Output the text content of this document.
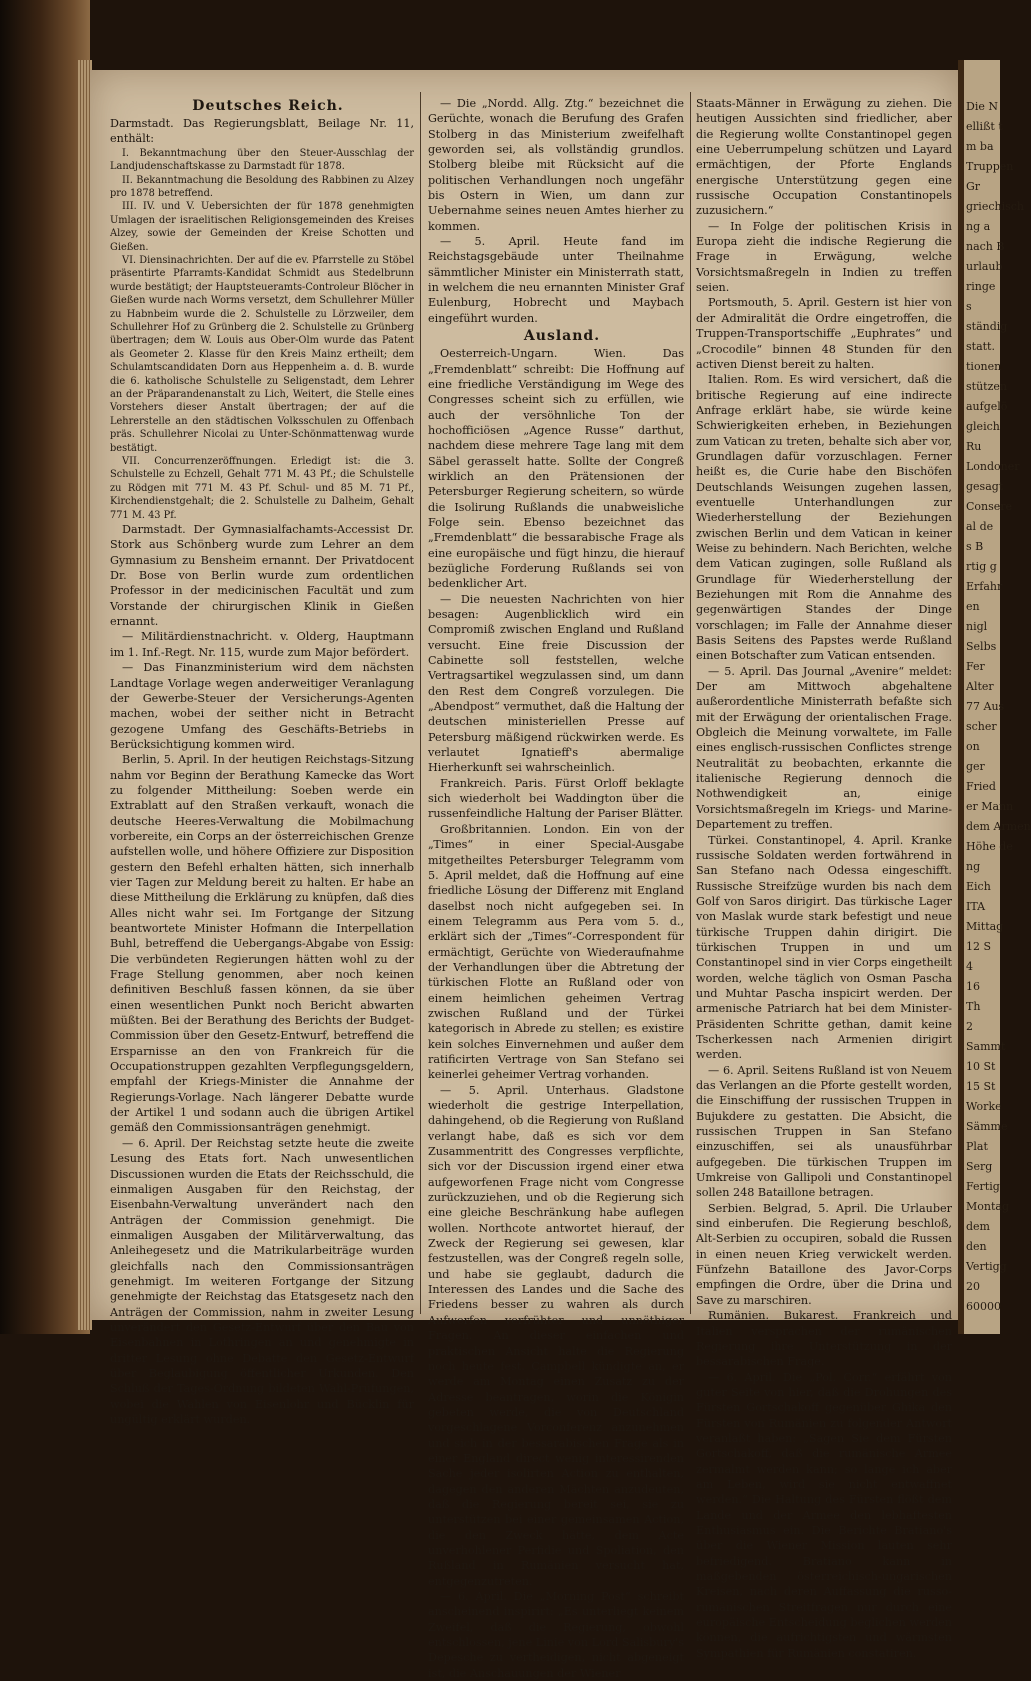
Deutsches Reich.

Darmstadt. Das Regierungsblatt, Beilage Nr. 11, enthält:

I. Bekanntmachung über den Steuer-Ausschlag der Landjudenschaftskasse zu Darmstadt für 1878.

II. Bekanntmachung die Besoldung des Rabbinen zu Alzey pro 1878 betreffend.

III. IV. und V. Uebersichten der für 1878 genehmigten Umlagen der israelitischen Religionsgemeinden des Kreises Alzey, sowie der Gemeinden der Kreise Schotten und Gießen.

VI. Diensinachrichten. Der auf die ev. Pfarrstelle zu Stöbel präsentirte Pfarramts-Kandidat Schmidt aus Stedelbrunn wurde bestätigt; der Hauptsteueramts-Controleur Blöcher in Gießen wurde nach Worms versetzt, dem Schullehrer Müller zu Habnbeim wurde die 2. Schulstelle zu Lörzweiler, dem Schullehrer Hof zu Grünberg die 2. Schulstelle zu Grünberg übertragen; dem W. Louis aus Ober-Olm wurde das Patent als Geometer 2. Klasse für den Kreis Mainz ertheilt; dem Schulamtscandidaten Dorn aus Heppenheim a. d. B. wurde die 6. katholische Schulstelle zu Seligenstadt, dem Lehrer an der Präparandenanstalt zu Lich, Weitert, die Stelle eines Vorstehers dieser Anstalt übertragen; der auf die Lehrerstelle an den städtischen Volksschulen zu Offenbach präs. Schullehrer Nicolai zu Unter-Schönmattenwag wurde bestätigt.

VII. Concurrenzeröffnungen. Erledigt ist: die 3. Schulstelle zu Echzell, Gehalt 771 M. 43 Pf.; die Schulstelle zu Rödgen mit 771 M. 43 Pf. Schul- und 85 M. 71 Pf., Kirchendienstgehalt; die 2. Schulstelle zu Dalheim, Gehalt 771 M. 43 Pf.

Darmstadt. Der Gymnasialfachamts-Accessist Dr. Stork aus Schönberg wurde zum Lehrer an dem Gymnasium zu Bensheim ernannt. Der Privatdocent Dr. Bose von Berlin wurde zum ordentlichen Professor in der medicinischen Facultät und zum Vorstande der chirurgischen Klinik in Gießen ernannt.

— Militärdienstnachricht. v. Olderg, Hauptmann im 1. Inf.-Regt. Nr. 115, wurde zum Major befördert.

— Das Finanzministerium wird dem nächsten Landtage Vorlage wegen anderweitiger Veranlagung der Gewerbe-Steuer der Versicherungs-Agenten machen, wobei der seither nicht in Betracht gezogene Umfang des Geschäfts-Betriebs in Berücksichtigung kommen wird.

Berlin, 5. April. In der heutigen Reichstags-Sitzung nahm vor Beginn der Berathung Kamecke das Wort zu folgender Mittheilung: Soeben werde ein Extrablatt auf den Straßen verkauft, wonach die deutsche Heeres-Verwaltung die Mobilmachung vorbereite, ein Corps an der österreichischen Grenze aufstellen wolle, und höhere Offiziere zur Disposition gestern den Befehl erhalten hätten, sich innerhalb vier Tagen zur Meldung bereit zu halten. Er habe an diese Mittheilung die Erklärung zu knüpfen, daß dies Alles nicht wahr sei. Im Fortgange der Sitzung beantwortete Minister Hofmann die Interpellation Buhl, betreffend die Uebergangs-Abgabe von Essig: Die verbündeten Regierungen hätten wohl zu der Frage Stellung genommen, aber noch keinen definitiven Beschluß fassen können, da sie über einen wesentlichen Punkt noch Bericht abwarten müßten. Bei der Berathung des Berichts der Budget-Commission über den Gesetz-Entwurf, betreffend die Ersparnisse an den von Frankreich für die Occupationstruppen gezahlten Verpflegungsgeldern, empfahl der Kriegs-Minister die Annahme der Regierungs-Vorlage. Nach längerer Debatte wurde der Artikel 1 und sodann auch die übrigen Artikel gemäß den Commissionsanträgen genehmigt.

— 6. April. Der Reichstag setzte heute die zweite Lesung des Etats fort. Nach unwesentlichen Discussionen wurden die Etats der Reichsschuld, die einmaligen Ausgaben für den Reichstag, der Eisenbahn-Verwaltung unverändert nach den Anträgen der Commission genehmigt. Die einmaligen Ausgaben der Militärverwaltung, das Anleihegesetz und die Matrikularbeiträge wurden gleichfalls nach den Commissionsanträgen genehmigt. Im weiteren Fortgange der Sitzung genehmigte der Reichstag das Etatsgesetz nach den Anträgen der Commission, nahm in zweiter Lesung unverändert den Gesetz-Entwurf über den Bau von Eisenbahnen in Lothringen an und genehmigte in dritter Lesung ohne Debatte den Gesetz-Entwurf über Beglaubigung öffentlicher Urkunden. Den Schluß der Tages-Ordnung bildeten Wahl-Prüfungen, wobei die Wahlen von Eisenlohr und Bücklin für ungültig erklärt wurden.

— Die „Nordd. Allg. Ztg.“ bezeichnet die Gerüchte, wonach die Berufung des Grafen Stolberg in das Ministerium zweifelhaft geworden sei, als vollständig grundlos. Stolberg bleibe mit Rücksicht auf die politischen Verhandlungen noch ungefähr bis Ostern in Wien, um dann zur Uebernahme seines neuen Amtes hierher zu kommen.

— 5. April. Heute fand im Reichstagsgebäude unter Theilnahme sämmtlicher Minister ein Ministerrath statt, in welchem die neu ernannten Minister Graf Eulenburg, Hobrecht und Maybach eingeführt wurden.

Ausland.

Oesterreich-Ungarn. Wien. Das „Fremdenblatt“ schreibt: Die Hoffnung auf eine friedliche Verständigung im Wege des Congresses scheint sich zu erfüllen, wie auch der versöhnliche Ton der hochofficiösen „Agence Russe“ darthut, nachdem diese mehrere Tage lang mit dem Säbel gerasselt hatte. Sollte der Congreß wirklich an den Prätensionen der Petersburger Regierung scheitern, so würde die Isolirung Rußlands die unabweisliche Folge sein. Ebenso bezeichnet das „Fremdenblatt“ die bessarabische Frage als eine europäische und fügt hinzu, die hierauf bezügliche Forderung Rußlands sei von bedenklicher Art.

— Die neuesten Nachrichten von hier besagen: Augenblicklich wird ein Compromiß zwischen England und Rußland versucht. Eine freie Discussion der Cabinette soll feststellen, welche Vertragsartikel wegzulassen sind, um dann den Rest dem Congreß vorzulegen. Die „Abendpost“ vermuthet, daß die Haltung der deutschen ministeriellen Presse auf Petersburg mäßigend rückwirken werde. Es verlautet Ignatieff's abermalige Hierherkunft sei wahrscheinlich.

Frankreich. Paris. Fürst Orloff beklagte sich wiederholt bei Waddington über die russenfeindliche Haltung der Pariser Blätter.

Großbritannien. London. Ein von der „Times“ in einer Special-Ausgabe mitgetheiltes Petersburger Telegramm vom 5. April meldet, daß die Hoffnung auf eine friedliche Lösung der Differenz mit England daselbst noch nicht aufgegeben sei. In einem Telegramm aus Pera vom 5. d., erklärt sich der „Times“-Correspondent für ermächtigt, Gerüchte von Wiederaufnahme der Verhandlungen über die Abtretung der türkischen Flotte an Rußland oder von einem heimlichen geheimen Vertrag zwischen Rußland und der Türkei kategorisch in Abrede zu stellen; es existire kein solches Einvernehmen und außer dem ratificirten Vertrage von San Stefano sei keinerlei geheimer Vertrag vorhanden.

— 5. April. Unterhaus. Gladstone wiederholt die gestrige Interpellation, dahingehend, ob die Regierung von Rußland verlangt habe, daß es sich vor dem Zusammentritt des Congresses verpflichte, sich vor der Discussion irgend einer etwa aufgeworfenen Frage nicht vom Congresse zurückzuziehen, und ob die Regierung sich eine gleiche Beschränkung habe auflegen wollen. Northcote antwortet hierauf, der Zweck der Regierung sei gewesen, klar festzustellen, was der Congreß regeln solle, und habe sie geglaubt, dadurch die Interessen des Landes und die Sache des Friedens besser zu wahren als durch Aufwerfen verfrühter und unnöthiger Fragen. An dieser einfachen und praktischen Ansicht halte die Regierung noch heute fest. Campbell kündigte an, er werde am Montag einen Zusatz zu der Adresse beantragen, worin die Königin gebeten werde, die von Deutschland vorgeschlagene Vorconferenz anzunehmen und sich in der bessarabischen Frage als in einer England direct wenig interessirenden Sache jeder isolirten Action zu enthalten, dagegen den anderen Mächten anzudeuten, daß die Regierung bereit sei, sie zu unterstützen bei einer gemeinsamen Action, die den Zweck hätte, dem Acte unverhohlener Perfidie und Spoliation, den Rußland in Rumänien versucht hat, entgegenzutreten.

— 6. April. Die „Morning Post“ schreibt anscheinend inspirirt: „Es unterliegt keinem Zweifel, daß die Regierung, obwohl entschlossen, jene Linie von Lord Salisbury's Depesche zu vertheidigen, nicht abgeneigt ist, die Anschauungen der Wiener

Staats-Männer in Erwägung zu ziehen. Die heutigen Aussichten sind friedlicher, aber die Regierung wollte Constantinopel gegen eine Ueberrumpelung schützen und Layard ermächtigen, der Pforte Englands energische Unterstützung gegen eine russische Occupation Constantinopels zuzusichern.“

— In Folge der politischen Krisis in Europa zieht die indische Regierung die Frage in Erwägung, welche Vorsichtsmaßregeln in Indien zu treffen seien.

Portsmouth, 5. April. Gestern ist hier von der Admiralität die Ordre eingetroffen, die Truppen-Transportschiffe „Euphrates“ und „Crocodile“ binnen 48 Stunden für den activen Dienst bereit zu halten.

Italien. Rom. Es wird versichert, daß die britische Regierung auf eine indirecte Anfrage erklärt habe, sie würde keine Schwierigkeiten erheben, in Beziehungen zum Vatican zu treten, behalte sich aber vor, Grundlagen dafür vorzuschlagen. Ferner heißt es, die Curie habe den Bischöfen Deutschlands Weisungen zugehen lassen, eventuelle Unterhandlungen zur Wiederherstellung der Beziehungen zwischen Berlin und dem Vatican in keiner Weise zu behindern. Nach Berichten, welche dem Vatican zugingen, solle Rußland als Grundlage für Wiederherstellung der Beziehungen mit Rom die Annahme des gegenwärtigen Standes der Dinge vorschlagen; im Falle der Annahme dieser Basis Seitens des Papstes werde Rußland einen Botschafter zum Vatican entsenden.

— 5. April. Das Journal „Avenire“ meldet: Der am Mittwoch abgehaltene außerordentliche Ministerrath befaßte sich mit der Erwägung der orientalischen Frage. Obgleich die Meinung vorwaltete, im Falle eines englisch-russischen Conflictes strenge Neutralität zu beobachten, erkannte die italienische Regierung dennoch die Nothwendigkeit an, einige Vorsichtsmaßregeln im Kriegs- und Marine-Departement zu treffen.

Türkei. Constantinopel, 4. April. Kranke russische Soldaten werden fortwährend in San Stefano nach Odessa eingeschifft. Russische Streifzüge wurden bis nach dem Golf von Saros dirigirt. Das türkische Lager von Maslak wurde stark befestigt und neue türkische Truppen dahin dirigirt. Die türkischen Truppen in und um Constantinopel sind in vier Corps eingetheilt worden, welche täglich von Osman Pascha und Muhtar Pascha inspicirt werden. Der armenische Patriarch hat bei dem Minister-Präsidenten Schritte gethan, damit keine Tscherkessen nach Armenien dirigirt werden.

— 6. April. Seitens Rußland ist von Neuem das Verlangen an die Pforte gestellt worden, die Einschiffung der russischen Truppen in Bujukdere zu gestatten. Die Absicht, die russischen Truppen in San Stefano einzuschiffen, sei als unausführbar aufgegeben. Die türkischen Truppen im Umkreise von Gallipoli und Constantinopel sollen 248 Bataillone betragen.

Serbien. Belgrad, 5. April. Die Urlauber sind einberufen. Die Regierung beschloß, Alt-Serbien zu occupiren, sobald die Russen in einen neuen Krieg verwickelt werden. Fünfzehn Bataillone des Javor-Corps empfingen die Ordre, über die Drina und Save zu marschiren.

Rumänien. Bukarest. Frankreich und Italien versprachen der rumänischen Regierung ihre Unterstützung in der bessarabischen Frage.

— 6. April. Die „Pol. Corr.“ erfährt von guter Seite von hier, daß die Drohungen des Fürsten Gortschakoff gegenüber Ghika den Fürsten von Rumänien zu folgender Antwort veranlaßt haben: „Sagen Sie dem Fürsten Gortschakoff, daß die rumänische Armee zermalmt werden kann; so lange ich aber am Leben, wird sie nicht entwaffnet werden.“ Die Haltung des Fürsten flößt dem Lande und der Armee den lebhaftesten Enthusiasmus ein. Die Berichte Bratiano's über die Wiener Mission lauten sehr befriedigend. Bratiano kann in maßgebenden österreichisch-ungarischen Kreisen, nach deren Auffassung die russo-rumänischen Streitfragen nur durch eine europäische Entscheidung beglichen werden können, die aufrichtigsten und wärmsten Sympathien für Rumänien constatiren.

Die N
ellißt t
m ba
Truppen
Gr
griechisch
ng a
nach B
urlaub
ringe
s
ständig
statt.
tionen
stützen
aufgelö
gleich
Ru
Londoner
gesagt
Consere
al de
s B
rtig g
Erfahr
en
nigl
Selbs
Fer
Alter
77 Aus
scher
on
ger
Fried
er Mann
dem Armen
Höhe de
ng
Eich
ITA
Mittag
12 S
4
16
Th
2
Sammt
10 St
15 St
Worke
Sämme
Plat
Serg
Fertig
Montag
dem
den
Vertigg
20
60000
